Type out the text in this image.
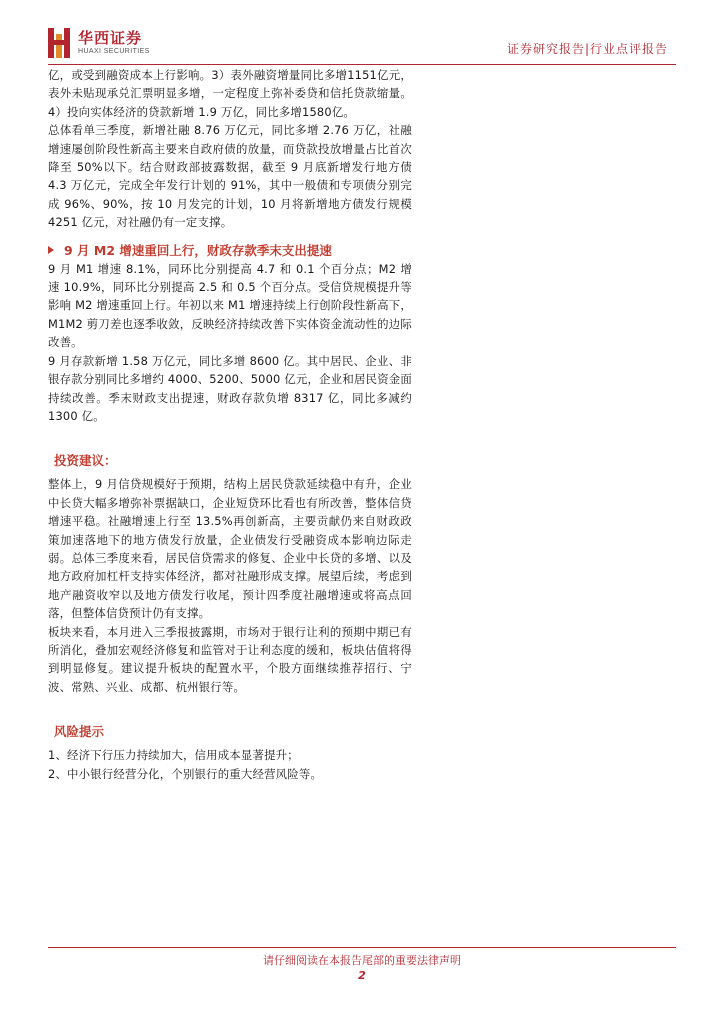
华西证券
HUAXI SECURITIES	证券研究报告|行业点评报告

亿，或受到融资成本上行影响。3）表外融资增量同比多增1151亿元，表外未贴现承兑汇票明显多增，一定程度上弥补委贷和信托贷款缩量。4）投向实体经济的贷款新增 1.9 万亿，同比多增1580亿。

总体看单三季度，新增社融 8.76 万亿元，同比多增 2.76 万亿，社融增速屡创阶段性新高主要来自政府债的放量，而贷款投放增量占比首次降至 50%以下。结合财政部披露数据，截至 9 月底新增发行地方债 4.3 万亿元，完成全年发行计划的 91%，其中一般债和专项债分别完成 96%、90%，按 10 月发完的计划，10 月将新增地方债发行规模 4251 亿元，对社融仍有一定支撑。

9 月 M2 增速重回上行，财政存款季末支出提速

9 月 M1 增速 8.1%，同环比分别提高 4.7 和 0.1 个百分点；M2 增速 10.9%，同环比分别提高 2.5 和 0.5 个百分点。受信贷规模提升等影响 M2 增速重回上行。年初以来 M1 增速持续上行创阶段性新高下，M1M2 剪刀差也逐季收敛，反映经济持续改善下实体资金流动性的边际改善。

9 月存款新增 1.58 万亿元，同比多增 8600 亿。其中居民、企业、非银存款分别同比多增约 4000、5200、5000 亿元，企业和居民资金面持续改善。季末财政支出提速，财政存款负增 8317 亿，同比多减约 1300 亿。

投资建议：

整体上，9 月信贷规模好于预期，结构上居民贷款延续稳中有升，企业中长贷大幅多增弥补票据缺口，企业短贷环比看也有所改善，整体信贷增速平稳。社融增速上行至 13.5%再创新高，主要贡献仍来自财政政策加速落地下的地方债发行放量，企业债发行受融资成本影响边际走弱。总体三季度来看，居民信贷需求的修复、企业中长贷的多增、以及地方政府加杠杆支持实体经济，都对社融形成支撑。展望后续，考虑到地产融资收窄以及地方债发行收尾，预计四季度社融增速或将高点回落，但整体信贷预计仍有支撑。

板块来看，本月进入三季报披露期，市场对于银行让利的预期中期已有所消化，叠加宏观经济修复和监管对于让利态度的缓和，板块估值将得到明显修复。建议提升板块的配置水平，个股方面继续推荐招行、宁波、常熟、兴业、成都、杭州银行等。

风险提示

1、经济下行压力持续加大，信用成本显著提升；

2、中小银行经营分化，个别银行的重大经营风险等。

请仔细阅读在本报告尾部的重要法律声明
2
